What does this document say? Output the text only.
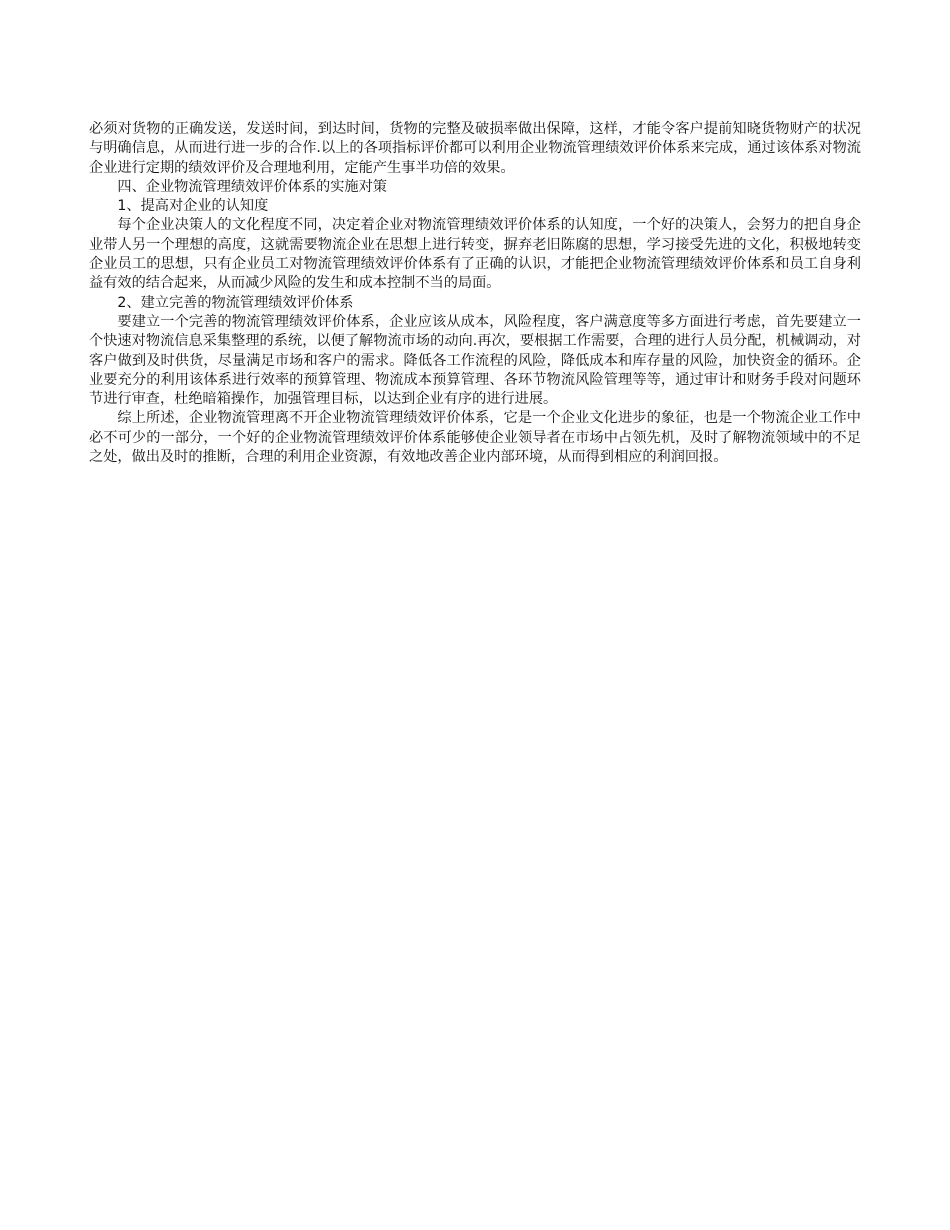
必须对货物的正确发送，发送时间，到达时间，货物的完整及破损率做出保障，这样，才能令客户提前知晓货物财产的状况与明确信息，从而进行进一步的合作.以上的各项指标评价都可以利用企业物流管理绩效评价体系来完成，通过该体系对物流企业进行定期的绩效评价及合理地利用，定能产生事半功倍的效果。

四、企业物流管理绩效评价体系的实施对策

1、提高对企业的认知度

每个企业决策人的文化程度不同，决定着企业对物流管理绩效评价体系的认知度，一个好的决策人，会努力的把自身企业带人另一个理想的高度，这就需要物流企业在思想上进行转变，摒弃老旧陈腐的思想，学习接受先进的文化，积极地转变企业员工的思想，只有企业员工对物流管理绩效评价体系有了正确的认识，才能把企业物流管理绩效评价体系和员工自身利益有效的结合起来，从而减少风险的发生和成本控制不当的局面。

2、建立完善的物流管理绩效评价体系

要建立一个完善的物流管理绩效评价体系，企业应该从成本，风险程度，客户满意度等多方面进行考虑，首先要建立一个快速对物流信息采集整理的系统，以便了解物流市场的动向.再次，要根据工作需要，合理的进行人员分配，机械调动，对客户做到及时供货，尽量满足市场和客户的需求。降低各工作流程的风险，降低成本和库存量的风险，加快资金的循环。企业要充分的利用该体系进行效率的预算管理、物流成本预算管理、各环节物流风险管理等等，通过审计和财务手段对问题环节进行审查，杜绝暗箱操作，加强管理目标，以达到企业有序的进行进展。

综上所述，企业物流管理离不开企业物流管理绩效评价体系，它是一个企业文化进步的象征，也是一个物流企业工作中必不可少的一部分，一个好的企业物流管理绩效评价体系能够使企业领导者在市场中占领先机，及时了解物流领域中的不足之处，做出及时的推断，合理的利用企业资源，有效地改善企业内部环境，从而得到相应的利润回报。
